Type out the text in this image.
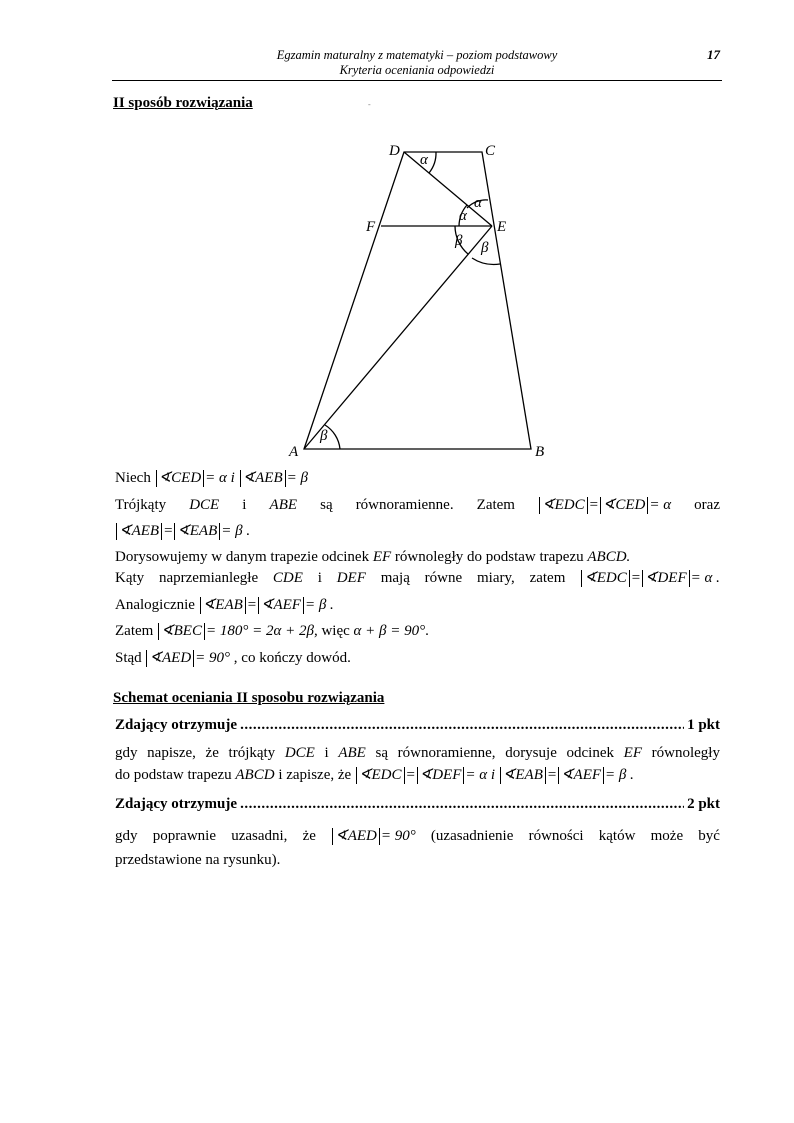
Egzamin maturalny z matematyki – poziom podstawowy
Kryteria oceniania odpowiedzi
17
II sposób rozwiązania	-
D	C
F	E
A	B
α
α
α
β β
β
Niech ∢CED = α i ∢AEB = β
Trójkąty DCE i ABE są równoramienne. Zatem ∢EDC = ∢CED = α oraz
∢AEB = ∢EAB = β .
Dorysowujemy w danym trapezie odcinek EF równoległy do podstaw trapezu ABCD.
Kąty naprzemianległe CDE i DEF mają równe miary, zatem ∢EDC = ∢DEF = α .
Analogicznie ∢EAB = ∢AEF = β .
Zatem ∢BEC = 180° = 2α + 2β, więc α + β = 90°.
Stąd ∢AED = 90° , co kończy dowód.
Schemat oceniania II sposobu rozwiązania
Zdający otrzymuje .....	1 pkt
gdy napisze, że trójkąty DCE i ABE są równoramienne, dorysuje odcinek EF równoległy
do podstaw trapezu ABCD i zapisze, że ∢EDC = ∢DEF = α i ∢EAB = ∢AEF = β .
Zdający otrzymuje .....	2 pkt
gdy poprawnie uzasadni, że ∢AED = 90° (uzasadnienie równości kątów może być
przedstawione na rysunku).
